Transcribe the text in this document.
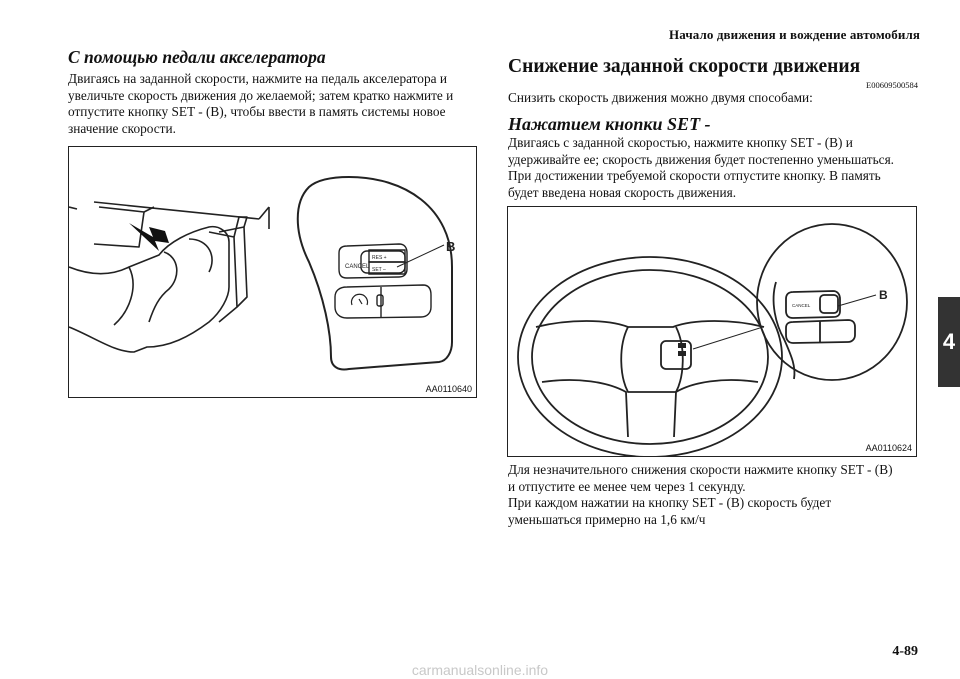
Начало движения и вождение автомобиля
С помощью педали акселератора
Двигаясь на заданной скорости, нажмите на педаль акселератора и
увеличьте скорость движения до желаемой; затем кратко нажмите и
отпустите кнопку SET - (B), чтобы ввести в память системы новое
значение скорости.
CANCEL
RES +
SET –
B
AA0110640
Снижение заданной скорости движения
E00609500584
Снизить скорость движения можно двумя способами:
Нажатием кнопки SET -
Двигаясь с заданной скоростью, нажмите кнопку SET - (B) и
удерживайте ее; скорость движения будет постепенно уменьшаться.
При достижении требуемой скорости отпустите кнопку. В память
будет введена новая скорость движения.
CANCEL
B
AA0110624
Для незначительного снижения скорости нажмите кнопку SET - (B)
и отпустите ее менее чем через 1 секунду.
При каждом нажатии на кнопку SET - (B) скорость будет
уменьшаться примерно на 1,6 км/ч
4
4-89
carmanualsonline.info
